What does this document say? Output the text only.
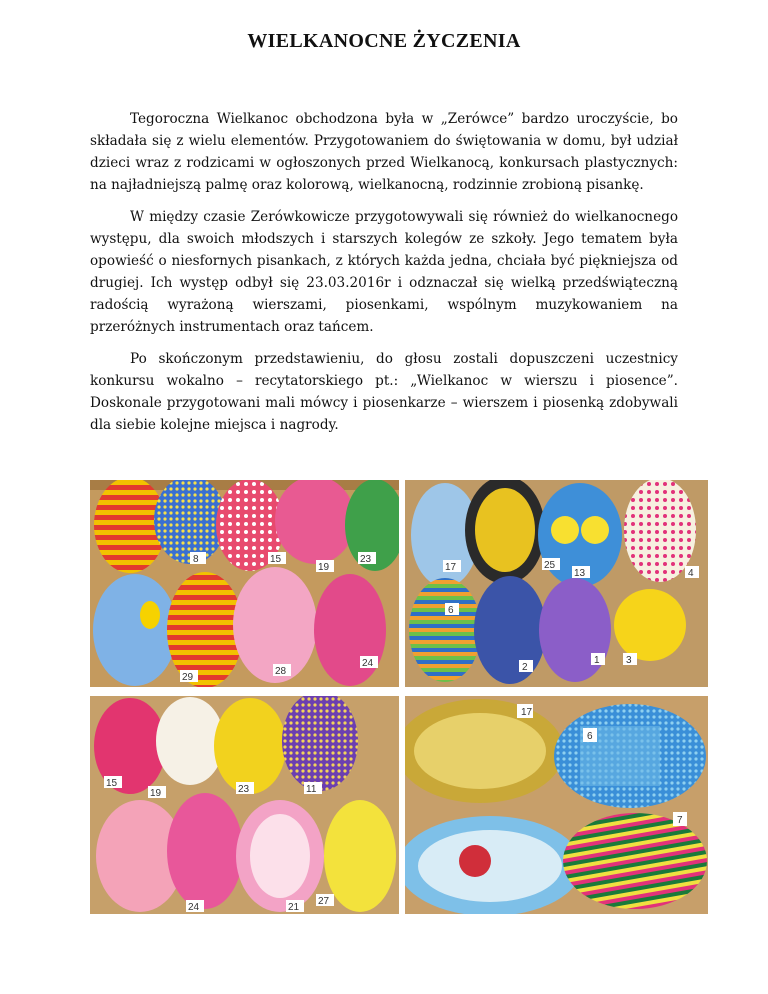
WIELKANOCNE ŻYCZENIA

Tegoroczna Wielkanoc obchodzona była w „Zerówce” bardzo uroczyście, bo składała się z wielu elementów. Przygotowaniem do świętowania w domu, był udział dzieci wraz z rodzicami w ogłoszonych przed Wielkanocą, konkursach plastycznych: na najładniejszą palmę oraz kolorową, wielkanocną, rodzinnie zrobioną pisankę.

W między czasie Zerówkowicze przygotowywali się również do wielkanocnego występu, dla swoich młodszych i starszych kolegów ze szkoły. Jego tematem była opowieść o niesfornych pisankach, z których każda jedna, chciała być piękniejsza od drugiej. Ich występ odbył się 23.03.2016r i odznaczał się wielką przedświąteczną radością wyrażoną wierszami, piosenkami, wspólnym muzykowaniem na przeróżnych instrumentach oraz tańcem.

Po skończonym przedstawieniu, do głosu zostali dopuszczeni uczestnicy konkursu wokalno – recytatorskiego pt.: „Wielkanoc w wierszu i piosence”. Doskonale przygotowani mali mówcy i piosenkarze – wierszem i piosenką zdobywali dla siebie kolejne miejsca i nagrody.

8	15	23
19
28
24
29
17	25
13	4
6
2
1	3
15
19	23	11
24	21
27
17
6
7
